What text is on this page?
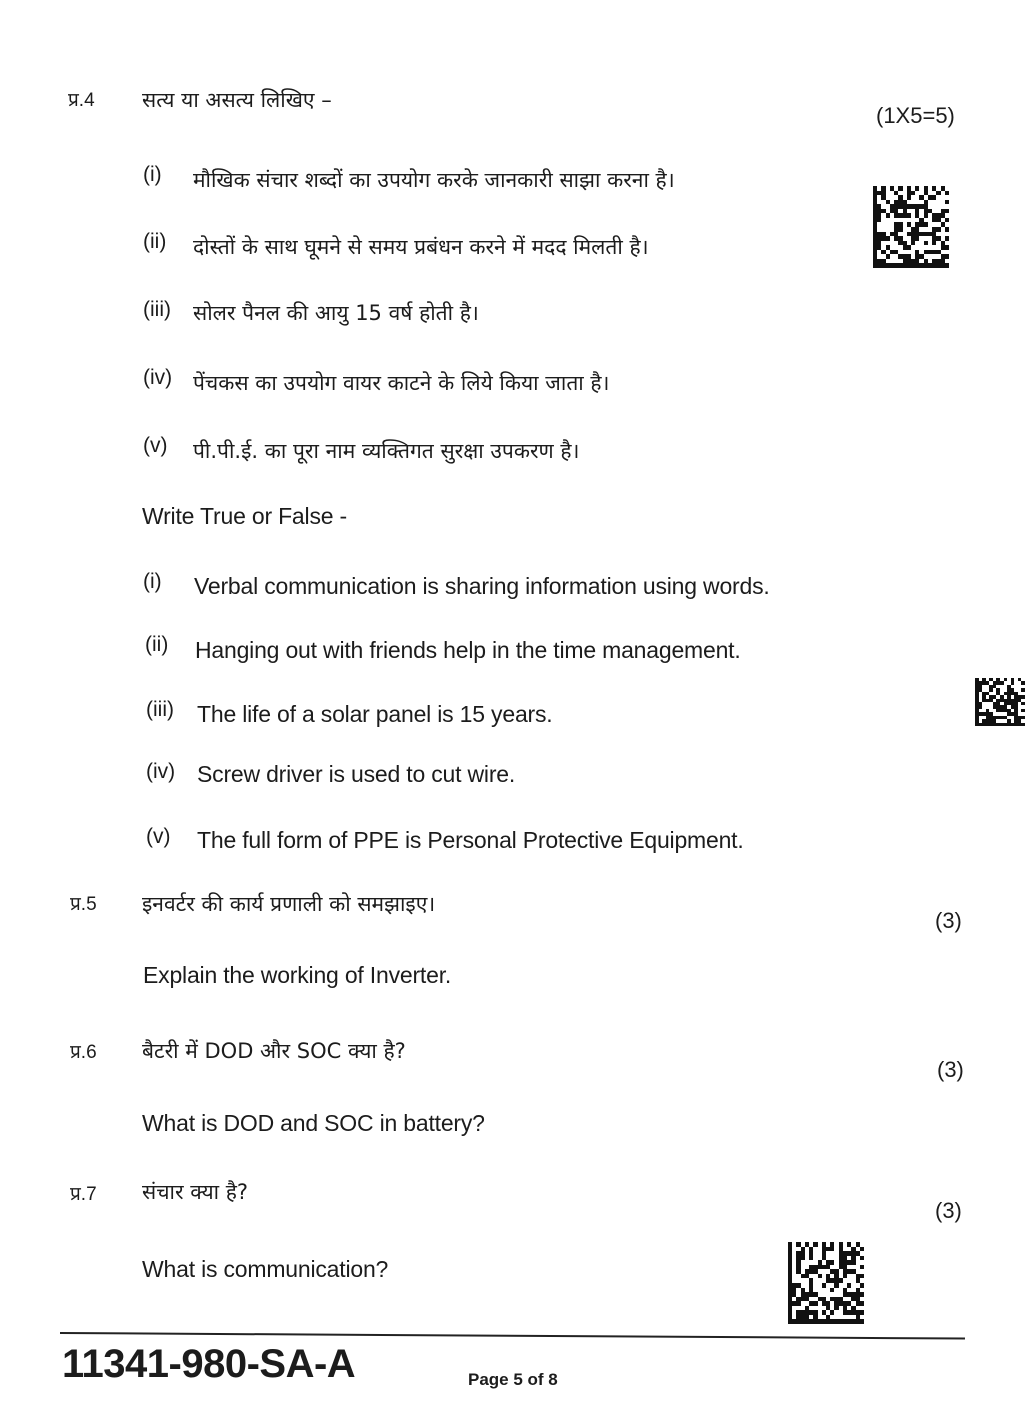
प्र.4 सत्य या असत्य लिखिए –
(1X5=5)
(i) मौखिक संचार शब्दों का उपयोग करके जानकारी साझा करना है।
(ii) दोस्तों के साथ घूमने से समय प्रबंधन करने में मदद मिलती है।
(iii) सोलर पैनल की आयु 15 वर्ष होती है।
(iv) पेंचकस का उपयोग वायर काटने के लिये किया जाता है।
(v) पी.पी.ई. का पूरा नाम व्यक्तिगत सुरक्षा उपकरण है।
Write True or False -
(i) Verbal communication is sharing information using words.
(ii) Hanging out with friends help in the time management.
(iii) The life of a solar panel is 15 years.
(iv) Screw driver is used to cut wire.
(v) The full form of PPE is Personal Protective Equipment.
प्र.5 इनवर्टर की कार्य प्रणाली को समझाइए।
(3)
Explain the working of Inverter.
प्र.6 बैटरी में DOD और SOC क्या है?
(3)
What is DOD and SOC in battery?
प्र.7 संचार क्या है?
(3)
What is communication?
11341-980-SA-A	Page 5 of 8
